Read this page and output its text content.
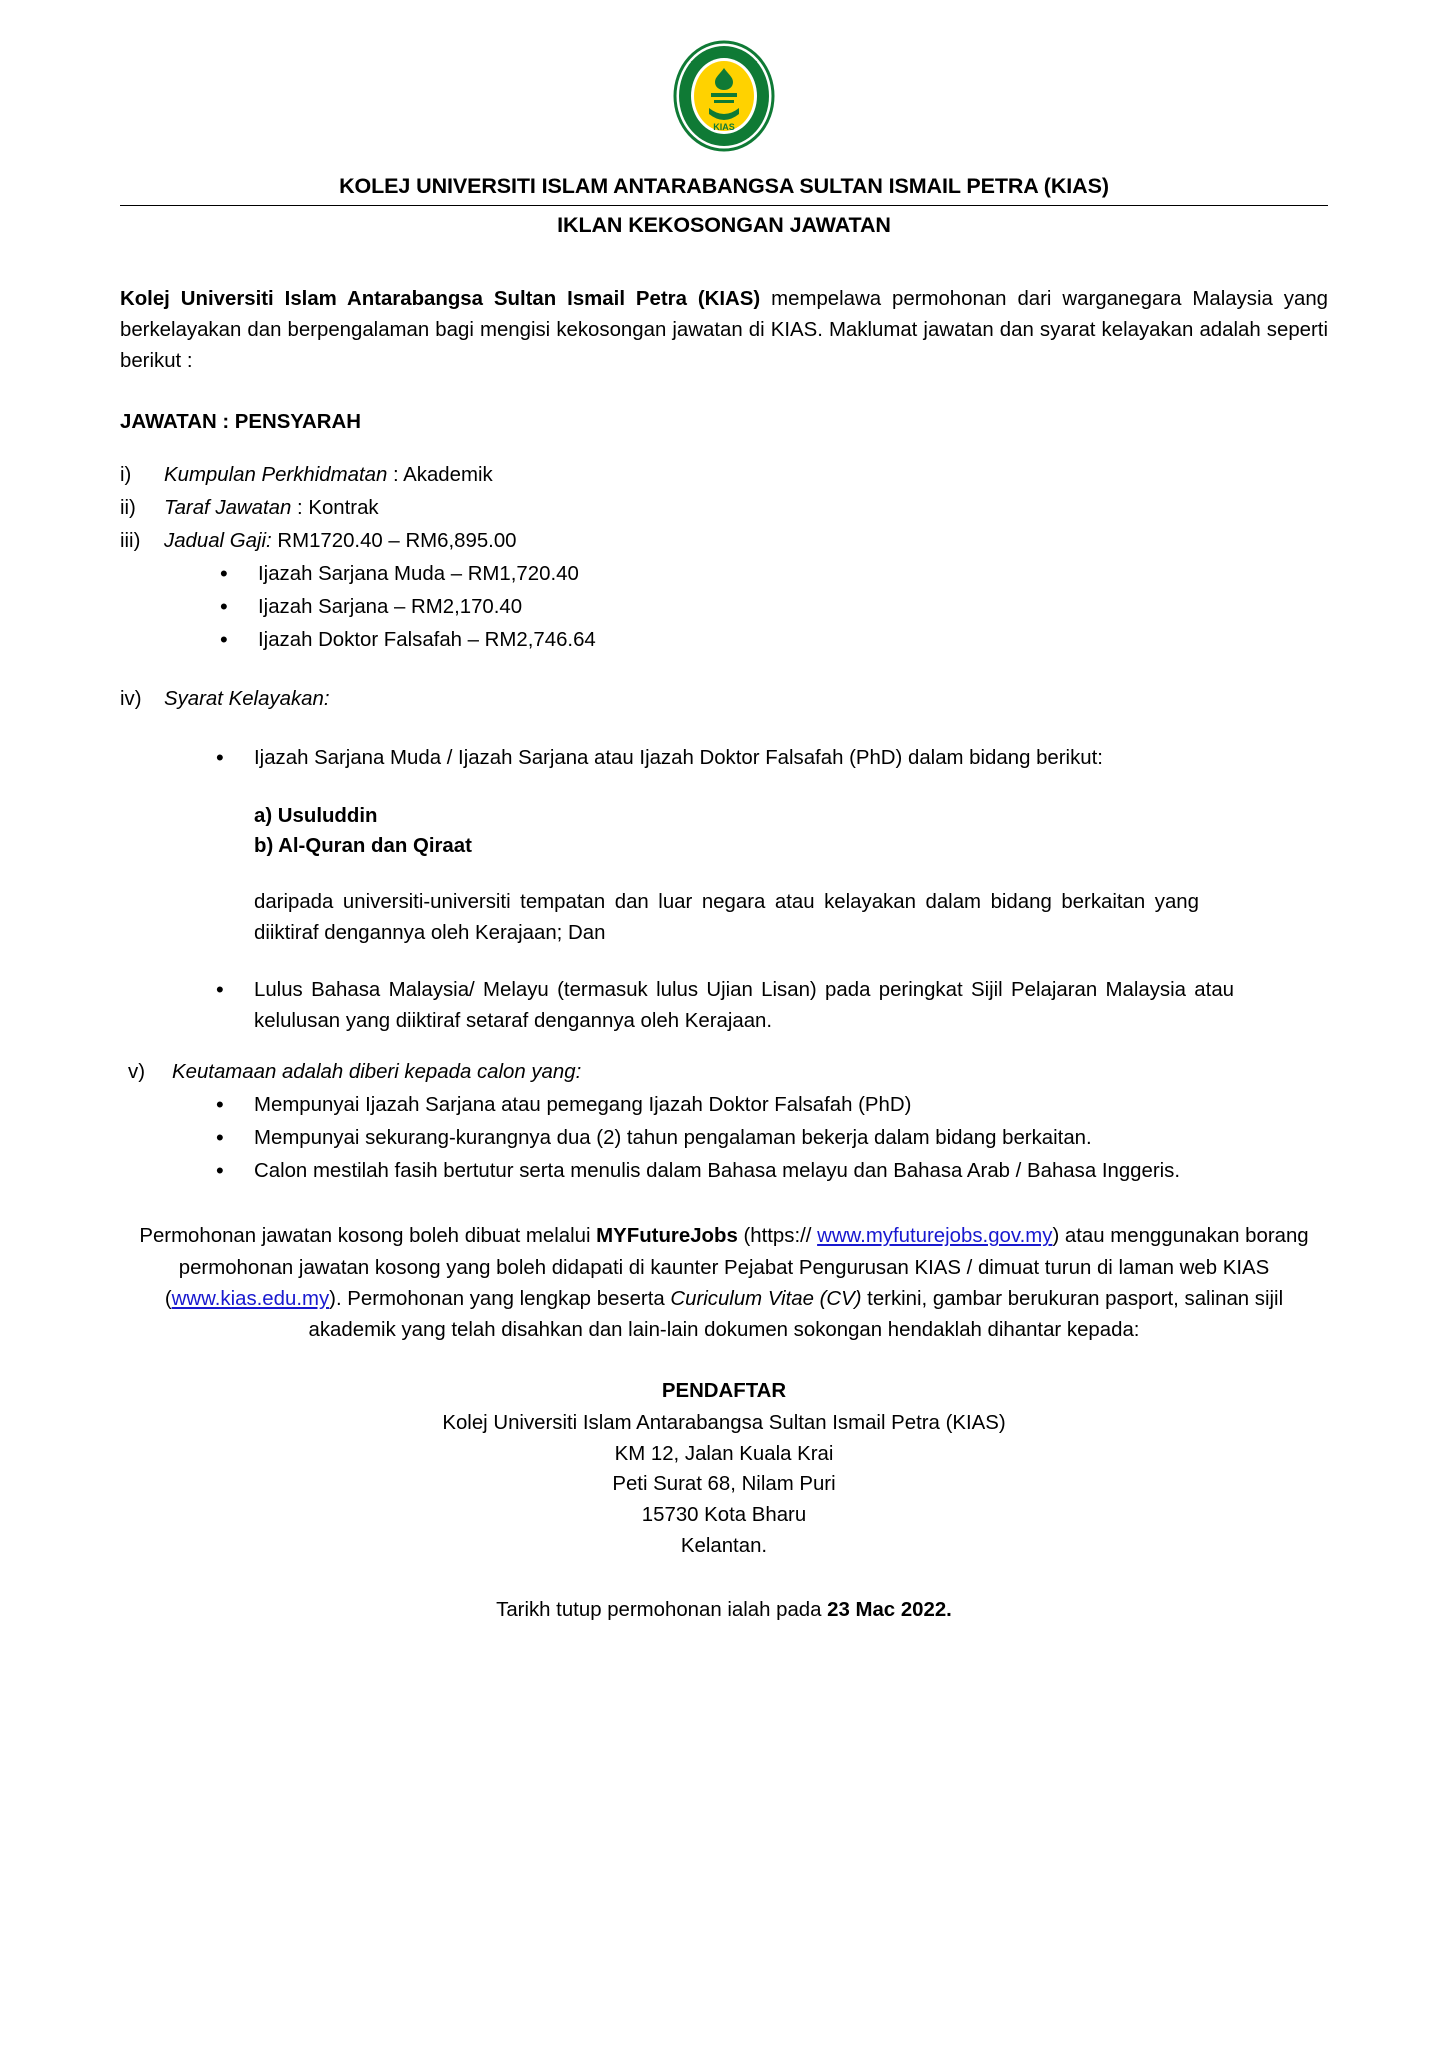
KIAS
KOLEJ UNIVERSITI ISLAM ANTARABANGSA SULTAN ISMAIL PETRA (KIAS)
IKLAN KEKOSONGAN JAWATAN

Kolej Universiti Islam Antarabangsa Sultan Ismail Petra (KIAS) mempelawa permohonan dari warganegara Malaysia yang berkelayakan dan berpengalaman bagi mengisi kekosongan jawatan di KIAS. Maklumat jawatan dan syarat kelayakan adalah seperti berikut :

JAWATAN : PENSYARAH
i)	Kumpulan Perkhidmatan : Akademik
ii)	Taraf Jawatan : Kontrak
iii)	Jadual Gaji: RM1720.40 – RM6,895.00
•	Ijazah Sarjana Muda – RM1,720.40
•	Ijazah Sarjana – RM2,170.40
•	Ijazah Doktor Falsafah – RM2,746.64
iv)	Syarat Kelayakan:
•	Ijazah Sarjana Muda / Ijazah Sarjana atau Ijazah Doktor Falsafah (PhD) dalam bidang berikut:
a) Usuluddin
b) Al-Quran dan Qiraat
daripada universiti-universiti tempatan dan luar negara atau kelayakan dalam bidang berkaitan yang diiktiraf dengannya oleh Kerajaan; Dan
•	Lulus Bahasa Malaysia/ Melayu (termasuk lulus Ujian Lisan) pada peringkat Sijil Pelajaran Malaysia atau kelulusan yang diiktiraf setaraf dengannya oleh Kerajaan.
v)	Keutamaan adalah diberi kepada calon yang:
•	Mempunyai Ijazah Sarjana atau pemegang Ijazah Doktor Falsafah (PhD)
•	Mempunyai sekurang-kurangnya dua (2) tahun pengalaman bekerja dalam bidang berkaitan.
•	Calon mestilah fasih bertutur serta menulis dalam Bahasa melayu dan Bahasa Arab / Bahasa Inggeris.

Permohonan jawatan kosong boleh dibuat melalui MYFutureJobs (https:// www.myfuturejobs.gov.my) atau menggunakan borang permohonan jawatan kosong yang boleh didapati di kaunter Pejabat Pengurusan KIAS / dimuat turun di laman web KIAS (www.kias.edu.my). Permohonan yang lengkap beserta Curiculum Vitae (CV) terkini, gambar berukuran pasport, salinan sijil akademik yang telah disahkan dan lain-lain dokumen sokongan hendaklah dihantar kepada:

PENDAFTAR
Kolej Universiti Islam Antarabangsa Sultan Ismail Petra (KIAS)
KM 12, Jalan Kuala Krai
Peti Surat 68, Nilam Puri
15730 Kota Bharu
Kelantan.
Tarikh tutup permohonan ialah pada 23 Mac 2022.
